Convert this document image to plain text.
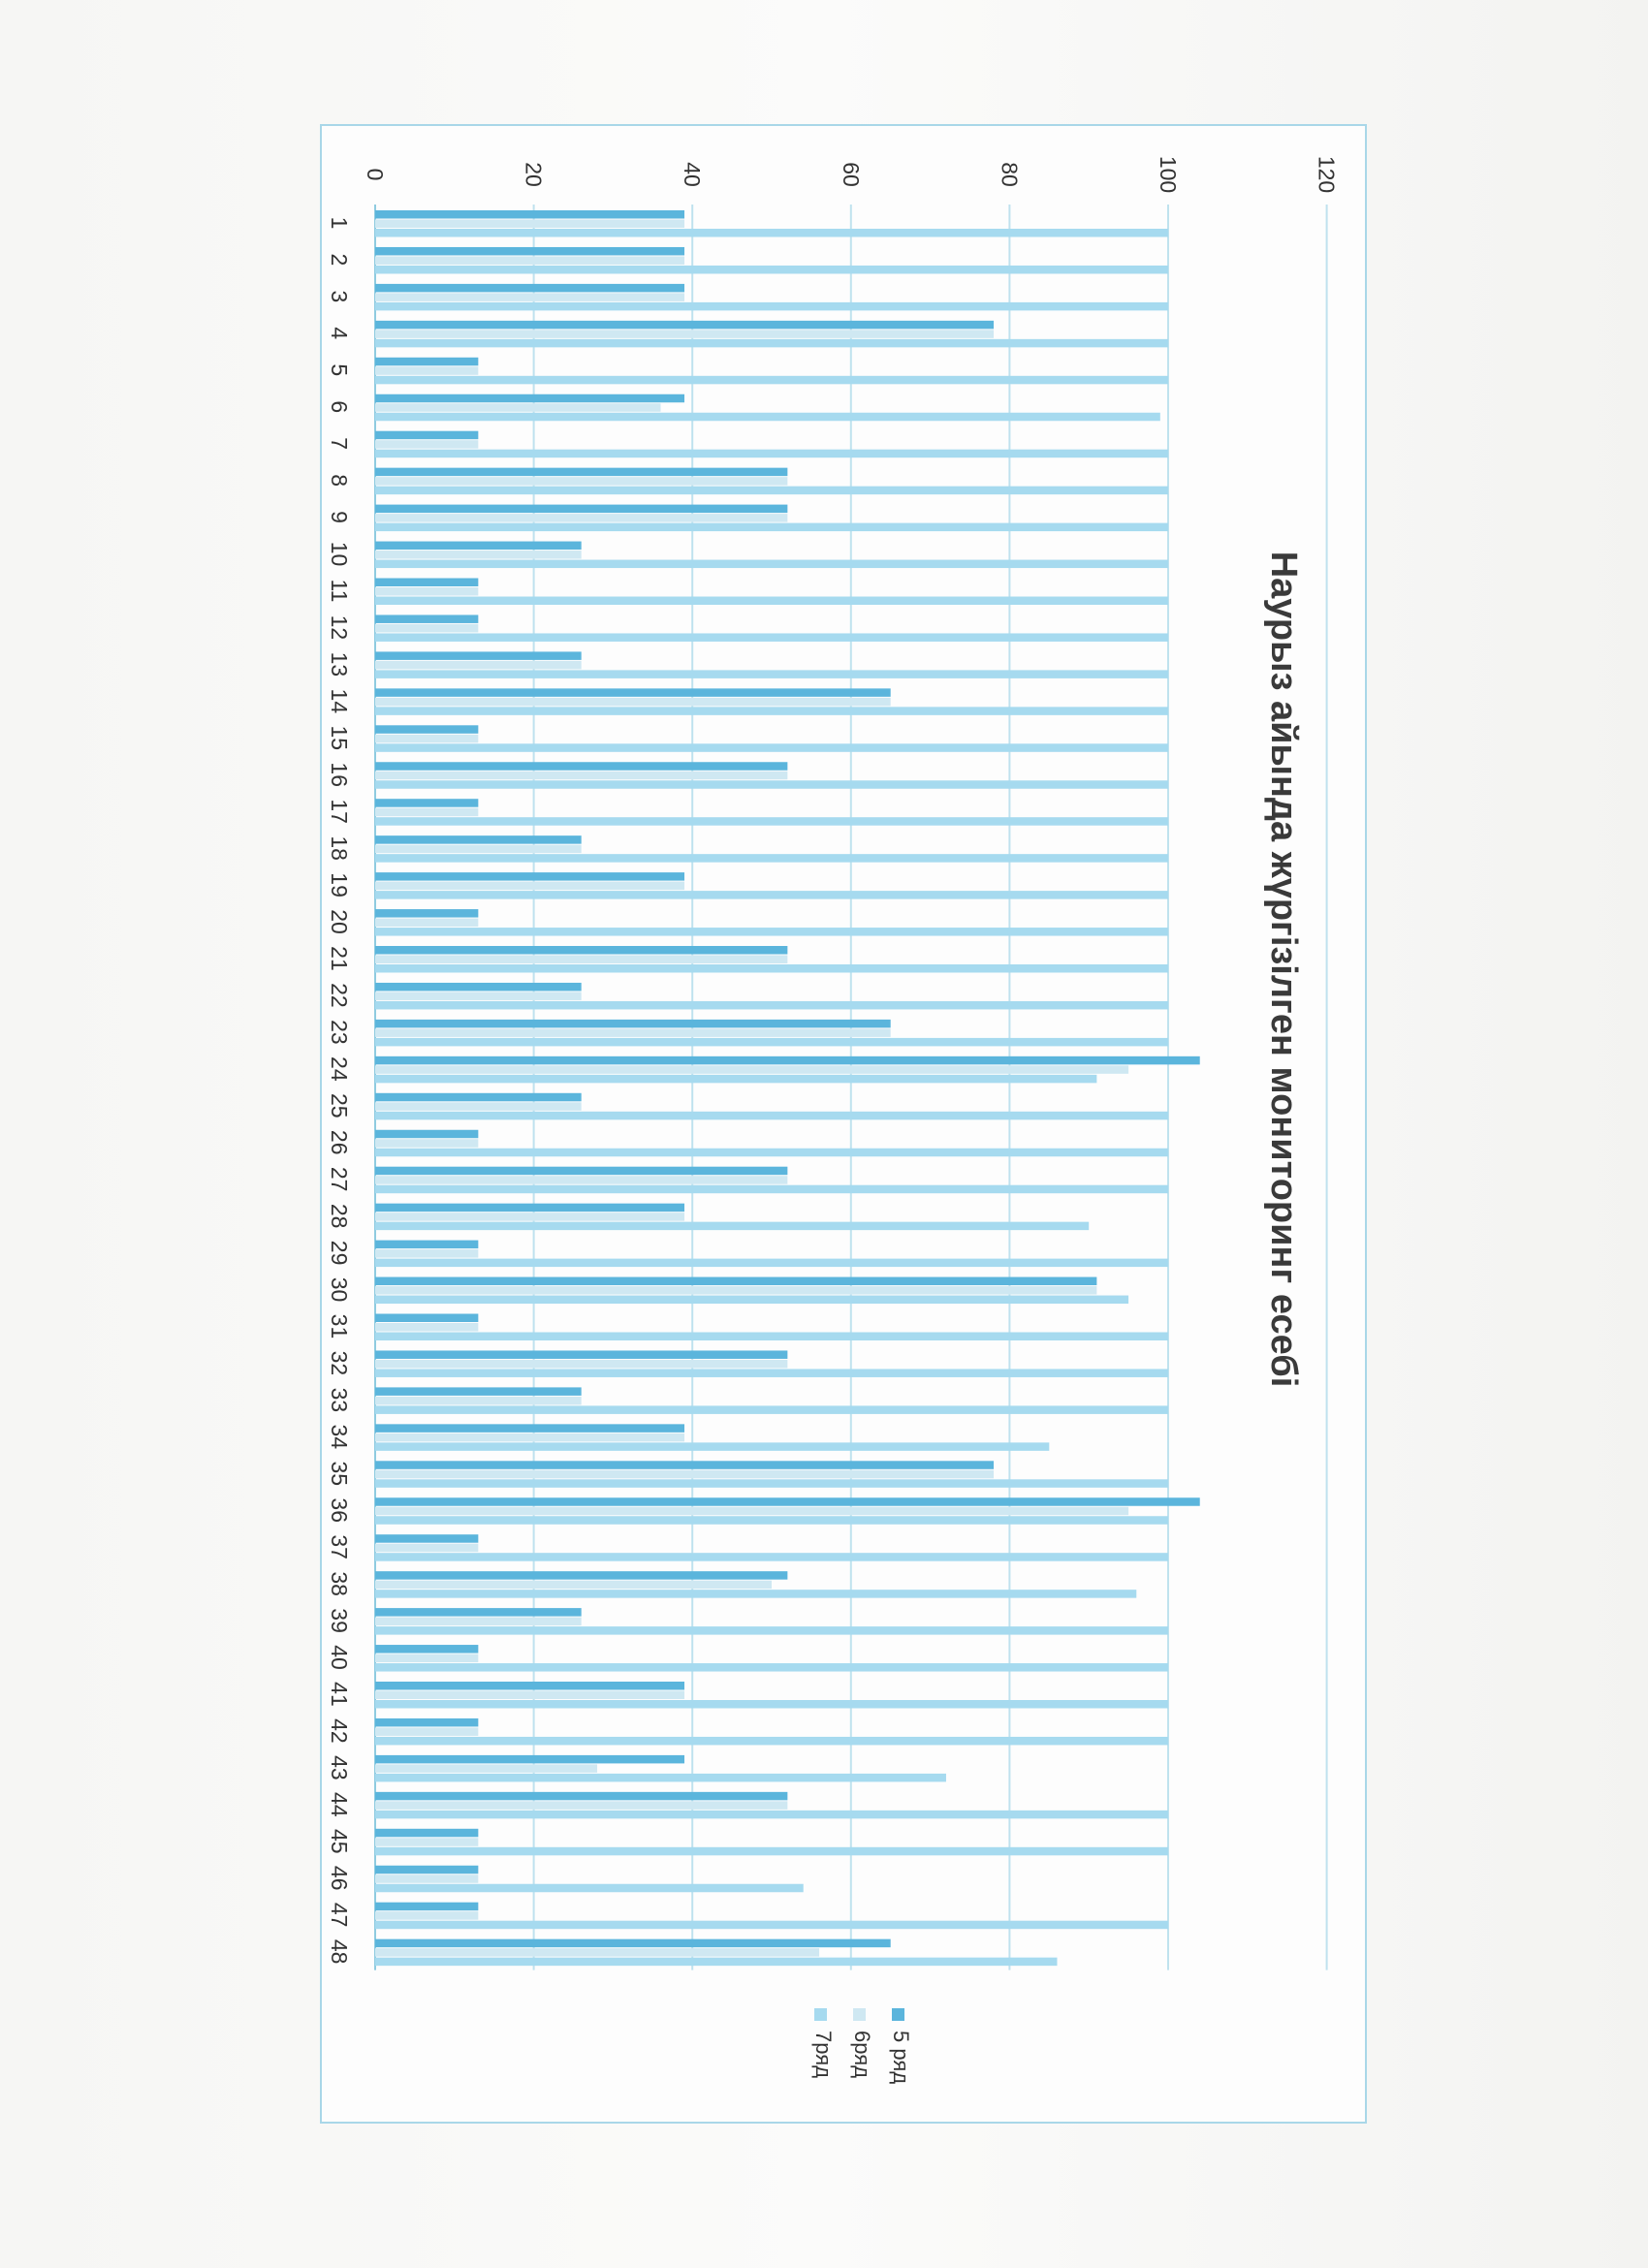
0	20	40	60	80	100	120
1
2
3
4
5
6
7
8
9
10
11
12
13
14
15
16
17
18
19
20
21
22
23
24
25
26
27
28
29
30
31
32
33
34
35
36
37
38
39
40
41
42
43
44
45
46
47
48
Наурыз айында жүргізілген мониторинг есебі
5 ряд
6ряд
7ряд
